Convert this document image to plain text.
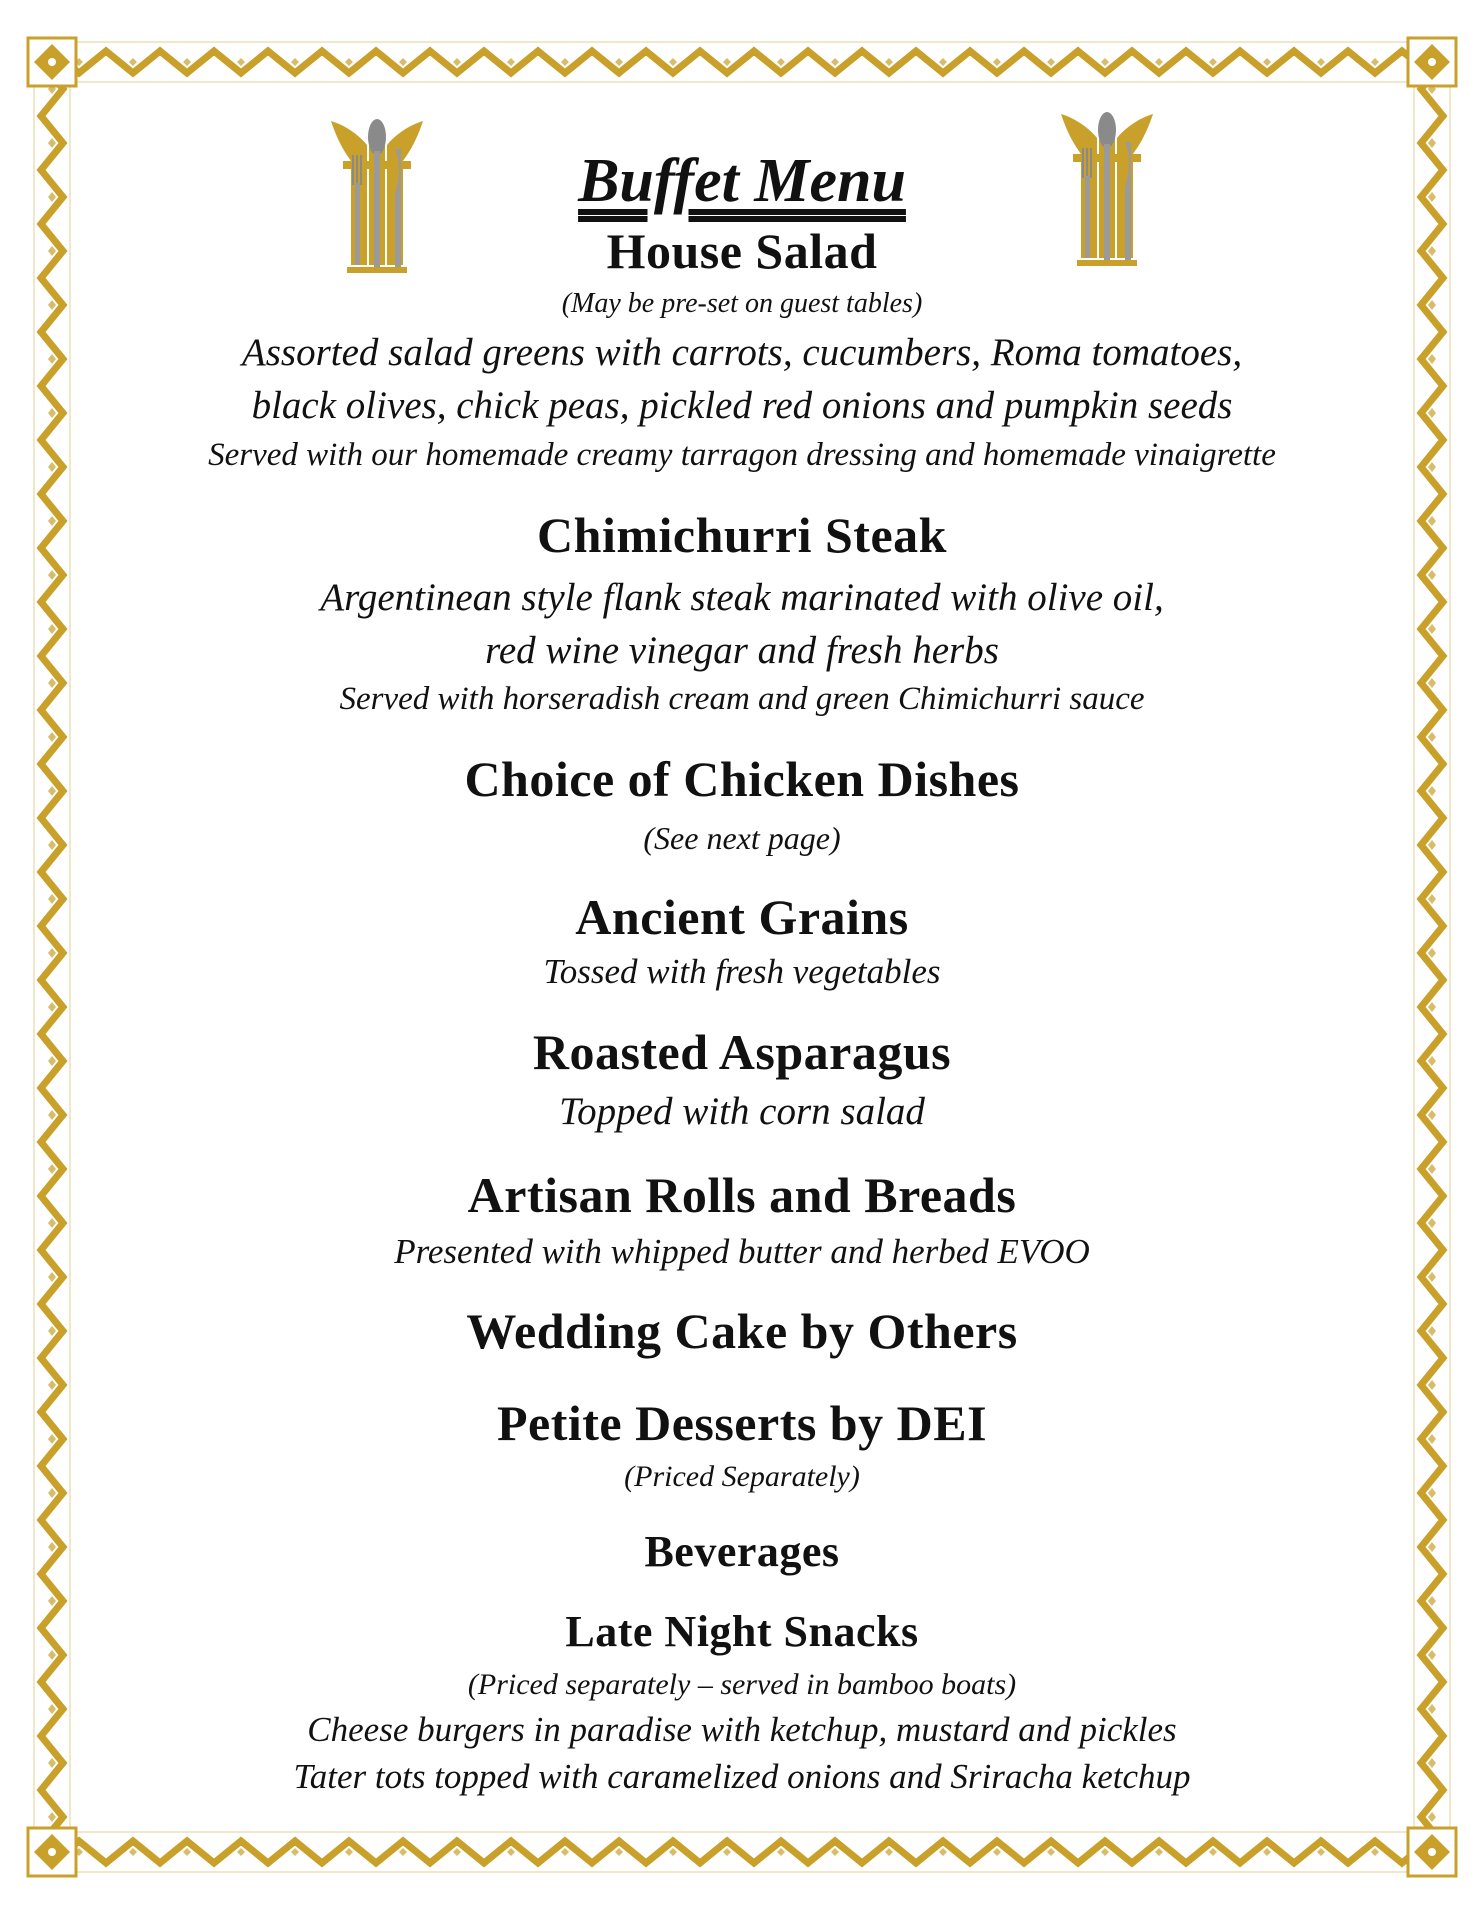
Buffet Menu
House Salad
(May be pre-set on guest tables)
Assorted salad greens with carrots, cucumbers, Roma tomatoes,
black olives, chick peas, pickled red onions and pumpkin seeds
Served with our homemade creamy tarragon dressing and homemade vinaigrette
Chimichurri Steak
Argentinean style flank steak marinated with olive oil,
red wine vinegar and fresh herbs
Served with horseradish cream and green Chimichurri sauce
Choice of Chicken Dishes
(See next page)
Ancient Grains
Tossed with fresh vegetables
Roasted Asparagus
Topped with corn salad
Artisan Rolls and Breads
Presented with whipped butter and herbed EVOO
Wedding Cake by Others
Petite Desserts by DEI
(Priced Separately)
Beverages
Late Night Snacks
(Priced separately – served in bamboo boats)
Cheese burgers in paradise with ketchup, mustard and pickles
Tater tots topped with caramelized onions and Sriracha ketchup
